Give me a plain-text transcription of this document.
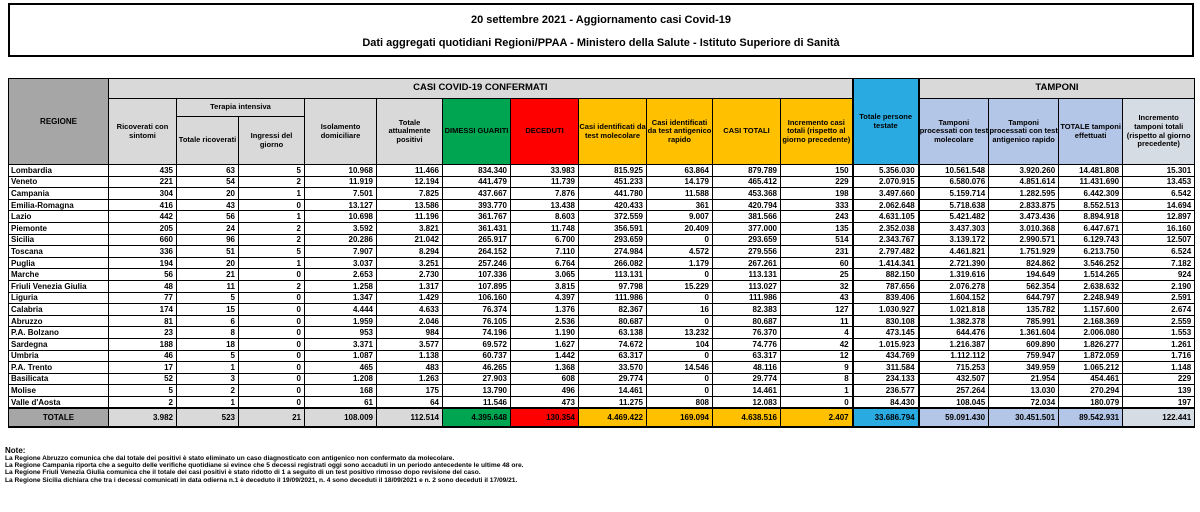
20 settembre 2021 - Aggiornamento casi Covid-19
Dati aggregati quotidiani Regioni/PPAA - Ministero della Salute - Istituto Superiore di Sanità
REGIONE	CASI COVID-19 CONFERMATI											Totale persone testate	TAMPONI			
	Ricoverati con sintomi	Terapia intensiva		Isolamento domiciliare	Totale attualmente positivi	DIMESSI GUARITI	DECEDUTI	Casi identificati da test molecolare	Casi identificati da test antigenico rapido	CASI TOTALI	Incremento casi totali (rispetto al giorno precedente)		Tamponi processati con test molecolare	Tamponi processati con test antigenico rapido	TOTALE tamponi effettuati	Incremento tamponi totali (rispetto al giorno precedente)
		Totale ricoverati	Ingressi del giorno													
Lombardia	435	63	5	10.968	11.466	834.340	33.983	815.925	63.864	879.789	150	5.356.030	10.561.548	3.920.260	14.481.808	15.301
Veneto	221	54	2	11.919	12.194	441.479	11.739	451.233	14.179	465.412	229	2.070.915	6.580.076	4.851.614	11.431.690	13.453
Campania	304	20	1	7.501	7.825	437.667	7.876	441.780	11.588	453.368	198	3.497.660	5.159.714	1.282.595	6.442.309	6.542
Emilia-Romagna	416	43	0	13.127	13.586	393.770	13.438	420.433	361	420.794	333	2.062.648	5.718.638	2.833.875	8.552.513	14.694
Lazio	442	56	1	10.698	11.196	361.767	8.603	372.559	9.007	381.566	243	4.631.105	5.421.482	3.473.436	8.894.918	12.897
Piemonte	205	24	2	3.592	3.821	361.431	11.748	356.591	20.409	377.000	135	2.352.038	3.437.303	3.010.368	6.447.671	16.160
Sicilia	660	96	2	20.286	21.042	265.917	6.700	293.659	0	293.659	514	2.343.767	3.139.172	2.990.571	6.129.743	12.507
Toscana	336	51	5	7.907	8.294	264.152	7.110	274.984	4.572	279.556	231	2.797.482	4.461.821	1.751.929	6.213.750	6.524
Puglia	194	20	1	3.037	3.251	257.246	6.764	266.082	1.179	267.261	60	1.414.341	2.721.390	824.862	3.546.252	7.182
Marche	56	21	0	2.653	2.730	107.336	3.065	113.131	0	113.131	25	882.150	1.319.616	194.649	1.514.265	924
Friuli Venezia Giulia	48	11	2	1.258	1.317	107.895	3.815	97.798	15.229	113.027	32	787.656	2.076.278	562.354	2.638.632	2.190
Liguria	77	5	0	1.347	1.429	106.160	4.397	111.986	0	111.986	43	839.406	1.604.152	644.797	2.248.949	2.591
Calabria	174	15	0	4.444	4.633	76.374	1.376	82.367	16	82.383	127	1.030.927	1.021.818	135.782	1.157.600	2.674
Abruzzo	81	6	0	1.959	2.046	76.105	2.536	80.687	0	80.687	11	830.108	1.382.378	785.991	2.168.369	2.559
P.A. Bolzano	23	8	0	953	984	74.196	1.190	63.138	13.232	76.370	4	473.145	644.476	1.361.604	2.006.080	1.553
Sardegna	188	18	0	3.371	3.577	69.572	1.627	74.672	104	74.776	42	1.015.923	1.216.387	609.890	1.826.277	1.261
Umbria	46	5	0	1.087	1.138	60.737	1.442	63.317	0	63.317	12	434.769	1.112.112	759.947	1.872.059	1.716
P.A. Trento	17	1	0	465	483	46.265	1.368	33.570	14.546	48.116	9	311.584	715.253	349.959	1.065.212	1.148
Basilicata	52	3	0	1.208	1.263	27.903	608	29.774	0	29.774	8	234.133	432.507	21.954	454.461	229
Molise	5	2	0	168	175	13.790	496	14.461	0	14.461	1	236.577	257.264	13.030	270.294	139
Valle d'Aosta	2	1	0	61	64	11.546	473	11.275	808	12.083	0	84.430	108.045	72.034	180.079	197
TOTALE	3.982	523	21	108.009	112.514	4.395.648	130.354	4.469.422	169.094	4.638.516	2.407	33.686.794	59.091.430	30.451.501	89.542.931	122.441
Note:
La Regione Abruzzo comunica che dal totale dei positivi è stato eliminato un caso diagnosticato con antigenico non confermato da molecolare.
La Regione Campania riporta che a seguito delle verifiche quotidiane si evince che 5 decessi registrati oggi sono accaduti in un periodo antecedente le ultime 48 ore.
La Regione Friuli Venezia Giulia comunica che il totale dei casi positivi è stato ridotto di 1 a seguito di un test positivo rimosso dopo revisione del caso.
La Regione Sicilia dichiara che tra i decessi comunicati in data odierna n.1 è deceduto il 19/09/2021, n. 4 sono deceduti il 18/09/2021 e n. 2 sono deceduti il 17/09/21.
